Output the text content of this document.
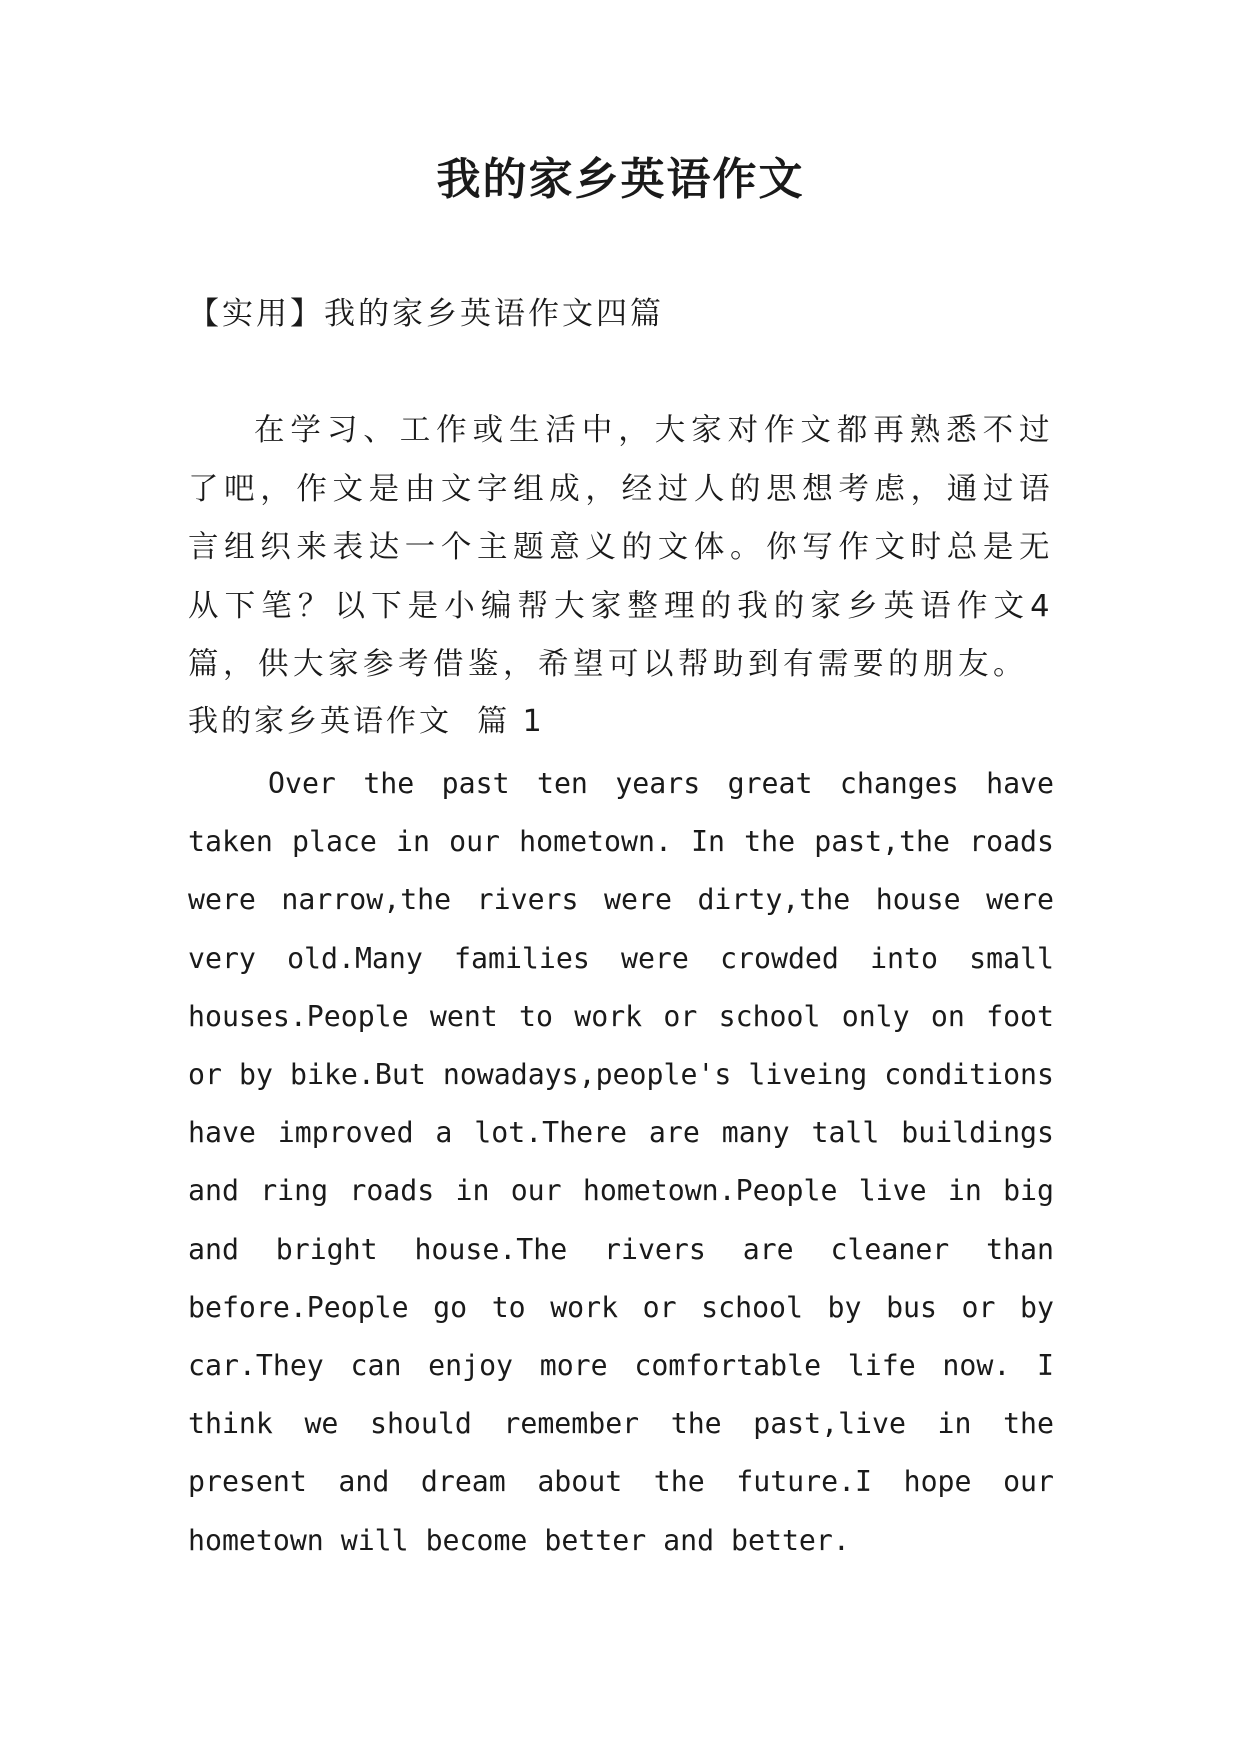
我的家乡英语作文

【实用】我的家乡英语作文四篇

在学习、工作或生活中，大家对作文都再熟悉不过了吧，作文是由文字组成，经过人的思想考虑，通过语言组织来表达一个主题意义的文体。你写作文时总是无从下笔？以下是小编帮大家整理的我的家乡英语作文4篇，供大家参考借鉴，希望可以帮助到有需要的朋友。

我的家乡英语作文  篇 1

Over the past ten years great changes have taken place in our hometown. In the past,the roads were narrow,the rivers were dirty,the house were very old.Many families were crowded into small houses.People went to work or school only on foot or by bike.But nowadays,people's liveing conditions have improved a lot.There are many tall buildings and ring roads in our hometown.People live in big and bright house.The rivers are cleaner than before.People go to work or school by bus or by car.They can enjoy more comfortable life now. I think we should remember the past,live in the present and dream about the future.I hope our hometown will become better and better.
